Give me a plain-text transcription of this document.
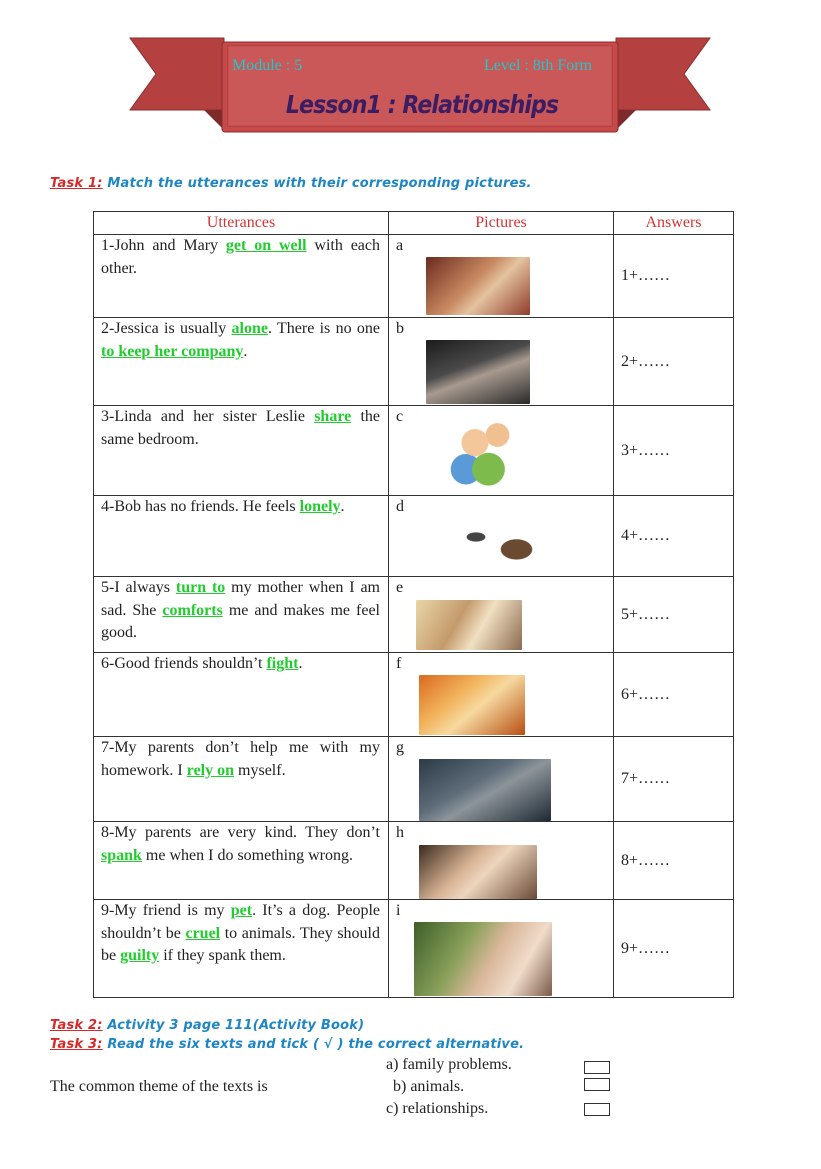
Module : 5	Level : 8th Form
Lesson1 : Relationships
Task 1: Match the utterances with their corresponding pictures.
Utterances	Pictures	Answers
1-John and Mary get on well with each other.	a	1+……
2-Jessica is usually alone. There is no one to keep her company.	b	2+……
3-Linda and her sister Leslie share the same bedroom.	c	3+……
4-Bob has no friends. He feels lonely.	d	4+……
5-I always turn to my mother when I am sad. She comforts me and makes me feel good.	e	5+……
6-Good friends shouldn’t fight.	f	6+……
7-My parents don’t help me with my homework. I rely on myself.	g	7+……
8-My parents are very kind. They don’t spank me when I do something wrong.	h	8+……
9-My friend is my pet. It’s a dog. People shouldn’t be cruel to animals. They should be guilty if they spank them.	i	9+……
Task 2: Activity 3 page 111(Activity Book)
Task 3: Read the six texts and tick ( √ ) the correct alternative.
The common theme of the texts is
a) family problems.
b) animals.
c) relationships.
